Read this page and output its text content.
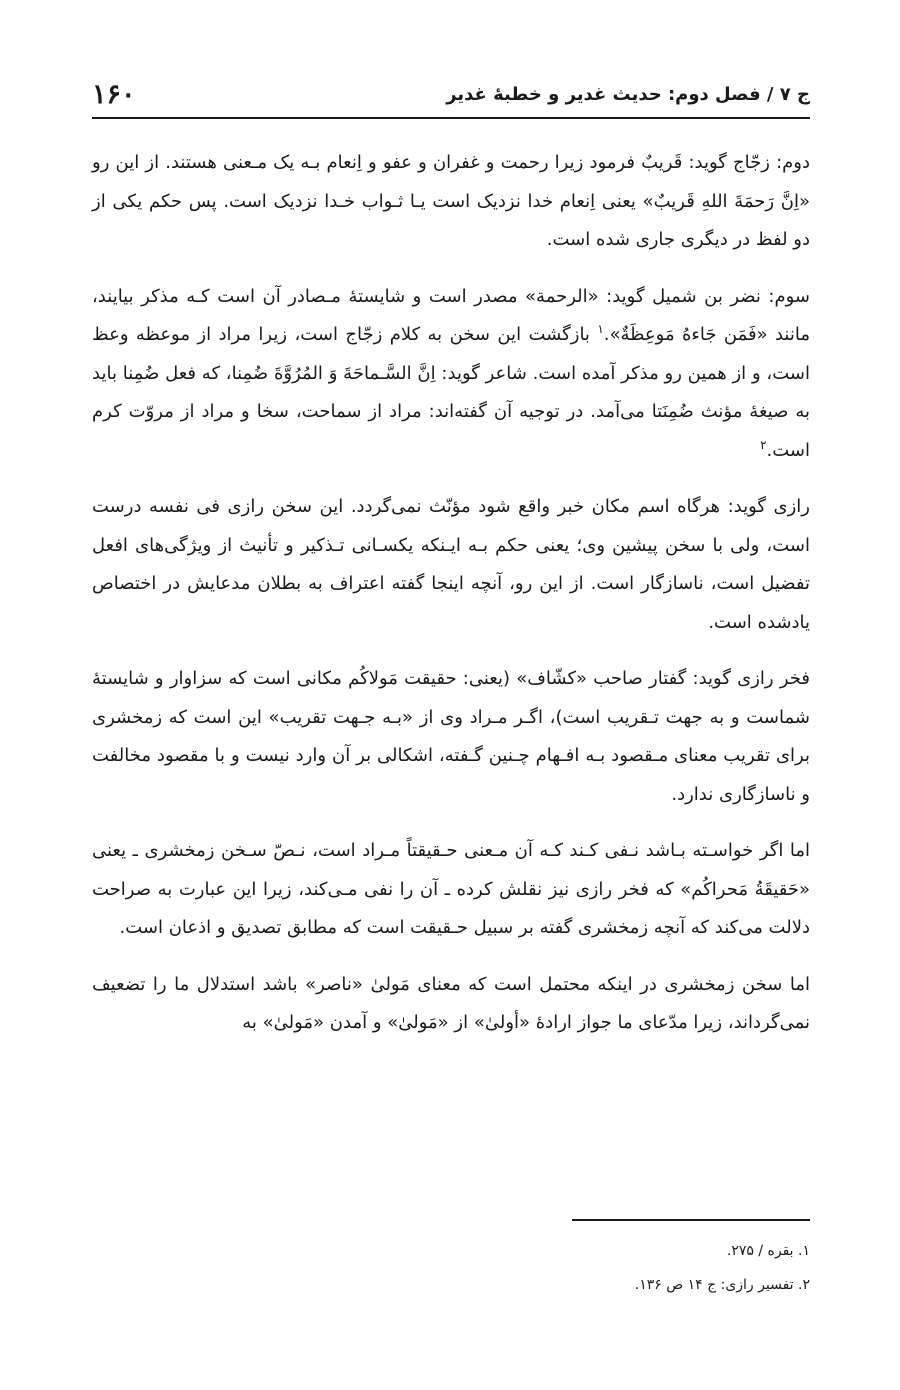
ج ۷ / فصل دوم: حدیث غدیر و خطبهٔ غدیر
۱۶۰

دوم: زجّاج گوید: قَریبٌ فرمود زیرا رحمت و غفران و عفو و اِنعام بـه یک مـعنی هستند. از این رو «اِنَّ رَحمَةَ اللهِ قَریبٌ» یعنی اِنعام خدا نزدیک است یـا ثـواب خـدا نزدیک است. پس حکم یکی از دو لفظ در دیگری جاری شده است.

سوم: نضر بن شمیل گوید: «الرحمة» مصدر است و شایستهٔ مـصادر آن است کـه مذکر بیایند، مانند «فَمَن جَاءهُ مَوعِظَةٌ».$^۱$ بازگشت این سخن به کلام زجّاج است، زیرا مراد از موعظه وعظ است، و از همین رو مذکر آمده است. شاعر گوید: اِنَّ السَّـماحَةَ وَ المُرُوَّةَ ضُمِنا، که فعل ضُمِنا باید به صیغهٔ مؤنث ضُمِنَتا می‌آمد. در توجیه آن گفته‌اند: مراد از سماحت، سخا و مراد از مروّت کرم است.$^۲$

رازی گوید: هرگاه اسم مکان خبر واقع شود مؤنّث نمی‌گردد. این سخن رازی فی نفسه درست است، ولی با سخن پیشین وی؛ یعنی حکم بـه ایـنکه یکسـانی تـذکیر و تأنیث از ویژگی‌های افعل تفضیل است، ناسازگار است. از این رو، آنچه اینجا گفته اعتراف به بطلان مدعایش در اختصاص یادشده است.

فخر رازی گوید: گفتار صاحب «کشّاف» (یعنی: حقیقت مَولاکُم مکانی است که سزاوار و شایستهٔ شماست و به جهت تـقریب است)، اگـر مـراد وی از «بـه جـهت تقریب» این است که زمخشری برای تقریب معنای مـقصود بـه افـهام چـنین گـفته، اشکالی بر آن وارد نیست و با مقصود مخالفت و ناسازگاری ندارد.

اما اگر خواسـته بـاشد نـفی کـند کـه آن مـعنی حـقیقتاً مـراد است، نـصّ سـخن زمخشری ـ یعنی «حَقیقَةُ مَحراکُم» که فخر رازی نیز نقلش کرده ـ آن را نفی مـی‌کند، زیرا این عبارت به صراحت دلالت می‌کند که آنچه زمخشری گفته بر سبیل حـقیقت است که مطابق تصدیق و اذعان است.

اما سخن زمخشری در اینکه محتمل است که معنای مَولیٰ «ناصر» باشد استدلال ما را تضعیف نمی‌گرداند، زیرا مدّعای ما جواز ارادهٔ «أولیٰ» از «مَولیٰ» و آمدن «مَولیٰ» به

۱. بقره / ۲۷۵.
۲. تفسیر رازی: ج ۱۴ ص ۱۳۶.
